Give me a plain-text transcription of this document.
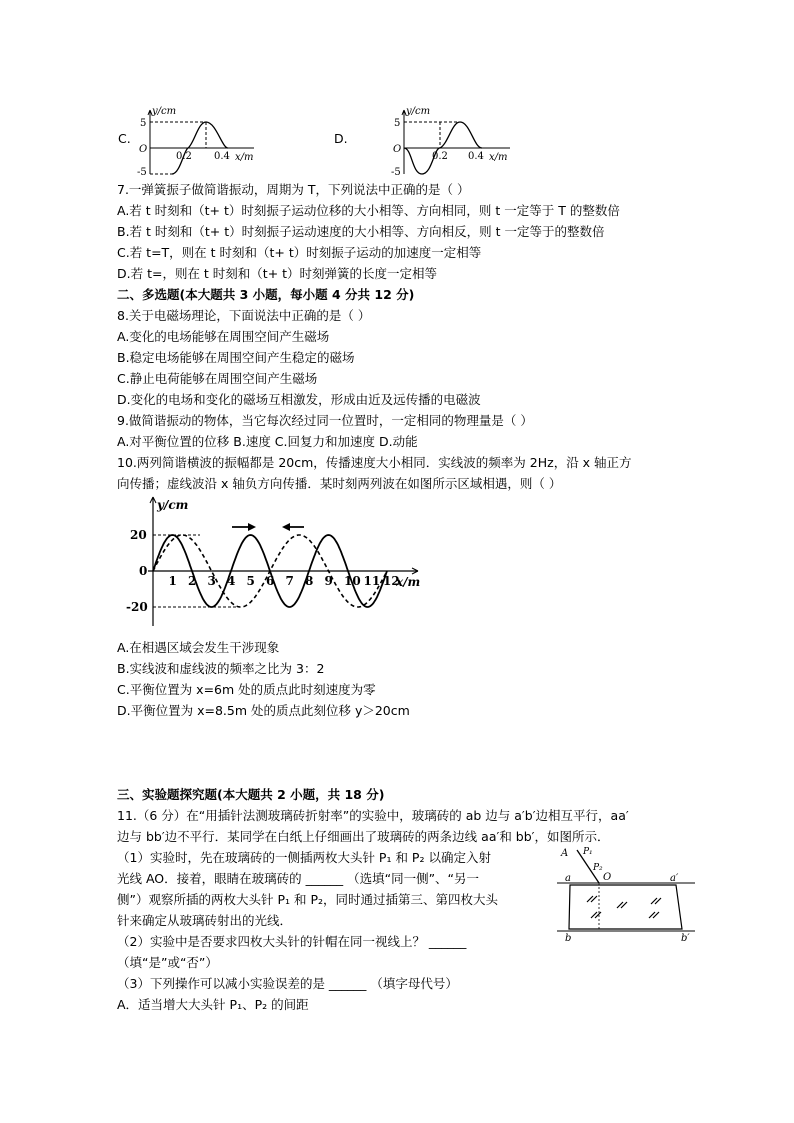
C.
y/cm
x/m
5
-5
O
0.2 0.4
D.
y/cm
x/m
5
-5
O
0.2 0.4
7.一弹簧振子做简谐振动，周期为 T，下列说法中正确的是（ ）
A.若 t 时刻和（t+ t）时刻振子运动位移的大小相等、方向相同，则 t 一定等于 T 的整数倍
B.若 t 时刻和（t+ t）时刻振子运动速度的大小相等、方向相反，则 t 一定等于的整数倍
C.若 t=T，则在 t 时刻和（t+ t）时刻振子运动的加速度一定相等
D.若 t=，则在 t 时刻和（t+ t）时刻弹簧的长度一定相等
二、多选题(本大题共 3 小题，每小题 4 分共 12 分)
8.关于电磁场理论，下面说法中正确的是（ ）
A.变化的电场能够在周围空间产生磁场
B.稳定电场能够在周围空间产生稳定的磁场
C.静止电荷能够在周围空间产生磁场
D.变化的电场和变化的磁场互相激发，形成由近及远传播的电磁波
9.做简谐振动的物体，当它每次经过同一位置时，一定相同的物理量是（ ）
A.对平衡位置的位移 B.速度 C.回复力和加速度 D.动能
10.两列简谐横波的振幅都是 20cm，传播速度大小相同．实线波的频率为 2Hz，沿 x 轴正方
向传播；虚线波沿 x 轴负方向传播．某时刻两列波在如图所示区域相遇，则（ ）
y/cm
x/m
20
0
-20
1 2 3 4 5 6 7 8 9 10 11 12
A.在相遇区域会发生干涉现象
B.实线波和虚线波的频率之比为 3：2
C.平衡位置为 x=6m 处的质点此时刻速度为零
D.平衡位置为 x=8.5m 处的质点此刻位移 y＞20cm
三、实验题探究题(本大题共 2 小题，共 18 分)
11.（6 分）在“用插针法测玻璃砖折射率”的实验中，玻璃砖的 ab 边与 a′b′边相互平行，aa′
边与 bb′边不平行．某同学在白纸上仔细画出了玻璃砖的两条边线 aa′和 bb′，如图所示．
（1）实验时，先在玻璃砖的一侧插两枚大头针 P₁ 和 P₂ 以确定入射
光线 AO．接着，眼睛在玻璃砖的 ______ （选填“同一侧”、“另一
侧”）观察所插的两枚大头针 P₁ 和 P₂，同时通过插第三、第四枚大头
针来确定从玻璃砖射出的光线．
（2）实验中是否要求四枚大头针的针帽在同一视线上？ ______
（填“是”或“否”）
（3）下列操作可以减小实验误差的是 ______ （填字母代号）
A．适当增大大头针 P₁、P₂ 的间距
A P₁
P₂
O
a	a′
b	b′
